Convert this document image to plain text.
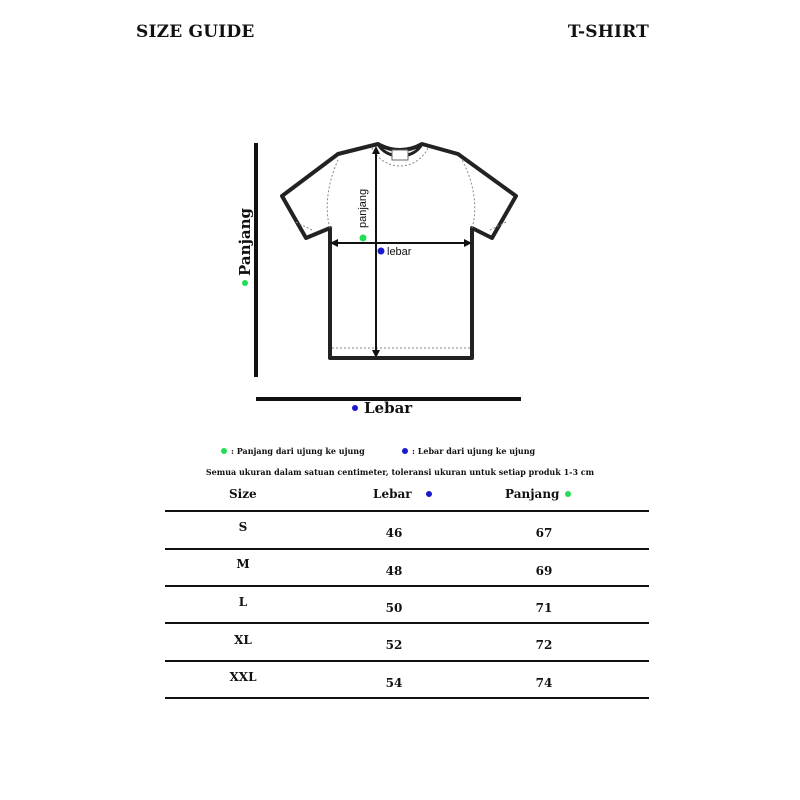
SIZE GUIDE	T-SHIRT
panjang
lebar
Panjang
Lebar
: Panjang dari ujung ke ujung	: Lebar dari ujung ke ujung
Semua ukuran dalam satuan centimeter, toleransi ukuran untuk setiap produk 1-3 cm
Size	Lebar	Panjang
S	46	67
M	48	69
L	50	71
XL	52	72
XXL	54	74
